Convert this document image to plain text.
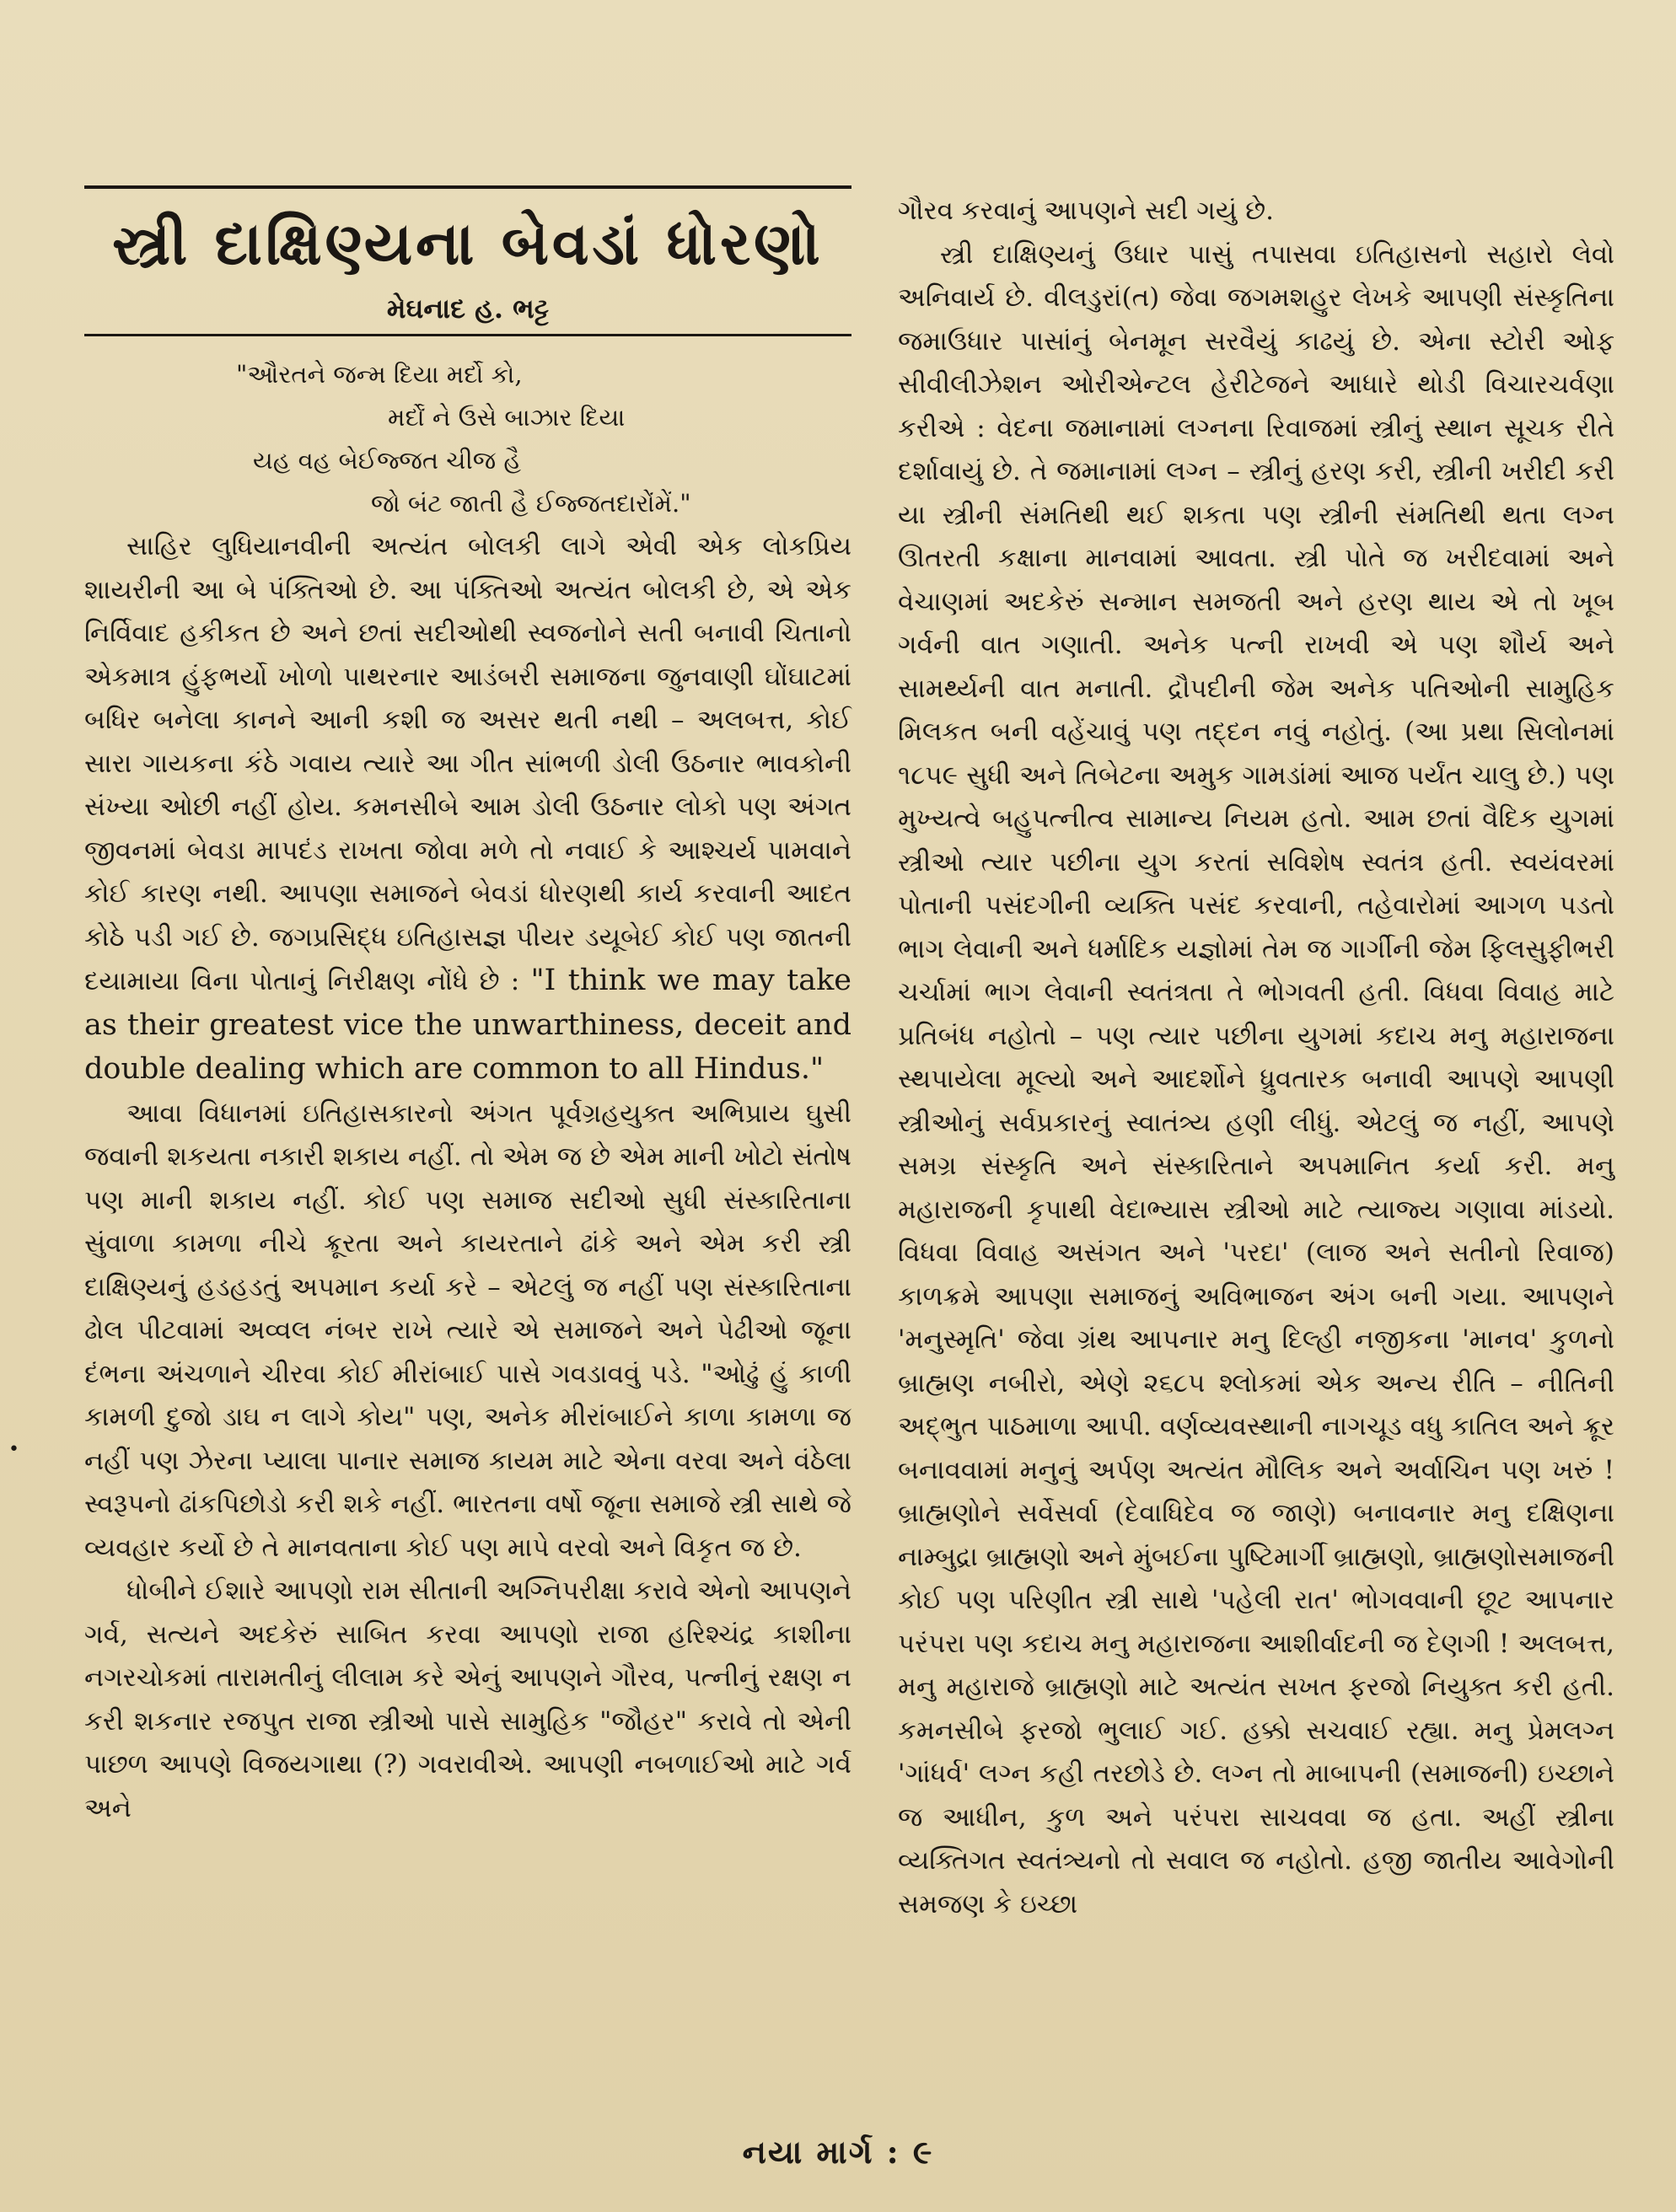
સ્ત્રી દાક્ષિણ્યના બેવડાં ધોરણો
મેઘનાદ હ. ભટ્ટ
"ઔરતને જન્મ દિયા મર્દો કો,
મર્દોં ને ઉસે બાઝાર દિયા
યહ વહ બેઈજ્જત ચીજ હૈ
જો બંટ જાતી હૈ ઈજ્જતદારોંમેં."

સાહિર લુધિયાનવીની અત્યંત બોલકી લાગે એવી એક લોકપ્રિય શાયરીની આ બે પંક્તિઓ છે. આ પંક્તિઓ અત્યંત બોલકી છે, એ એક નિર્વિવાદ હકીકત છે અને છતાં સદીઓથી સ્વજનોને સતી બનાવી ચિતાનો એકમાત્ર હુંફભર્યો ખોળો પાથરનાર આડંબરી સમાજના જુનવાણી ઘોંઘાટમાં બધિર બનેલા કાનને આની કશી જ અસર થતી નથી – અલબત્ત, કોઈ સારા ગાયકના કંઠે ગવાય ત્યારે આ ગીત સાંભળી ડોલી ઉઠનાર ભાવકોની સંખ્યા ઓછી નહીં હોય. કમનસીબે આમ ડોલી ઉઠનાર લોકો પણ અંગત જીવનમાં બેવડા માપદંડ રાખતા જોવા મળે તો નવાઈ કે આશ્ચર્ય પામવાને કોઈ કારણ નથી. આપણા સમાજને બેવડાં ધોરણથી કાર્ય કરવાની આદત કોઠે પડી ગઈ છે. જગપ્રસિદ્ધ ઇતિહાસજ્ઞ પીયર ડયૂબેઈ કોઈ પણ જાતની દયામાયા વિના પોતાનું નિરીક્ષણ નોંધે છે : "I think we may take as their greatest vice the unwarthiness, deceit and double dealing which are common to all Hindus."

આવા વિધાનમાં ઇતિહાસકારનો અંગત પૂર્વગ્રહયુક્ત અભિપ્રાય ઘુસી જવાની શકયતા નકારી શકાય નહીં. તો એમ જ છે એમ માની ખોટો સંતોષ પણ માની શકાય નહીં. કોઈ પણ સમાજ સદીઓ સુધી સંસ્કારિતાના સુંવાળા કામળા નીચે ક્રૂરતા અને કાયરતાને ઢાંકે અને એમ કરી સ્ત્રી દાક્ષિણ્યનું હડહડતું અપમાન કર્યા કરે – એટલું જ નહીં પણ સંસ્કારિતાના ઢોલ પીટવામાં અવ્વલ નંબર રાખે ત્યારે એ સમાજને અને પેઢીઓ જૂના દંભના અંચળાને ચીરવા કોઈ મીરાંબાઈ પાસે ગવડાવવું પડે. "ઓઢું હું કાળી કામળી દુજો ડાઘ ન લાગે કોય" પણ, અનેક મીરાંબાઈને કાળા કામળા જ નહીં પણ ઝેરના પ્યાલા પાનાર સમાજ કાયમ માટે એના વરવા અને વંઠેલા સ્વરૂપનો ઢાંકપિછોડો કરી શકે નહીં. ભારતના વર્ષો જૂના સમાજે સ્ત્રી સાથે જે વ્યવહાર કર્યો છે તે માનવતાના કોઈ પણ માપે વરવો અને વિકૃત જ છે.

ધોબીને ઈશારે આપણો રામ સીતાની અગ્નિપરીક્ષા કરાવે એનો આપણને ગર્વ, સત્યને અદકેરું સાબિત કરવા આપણો રાજા હરિશ્ચંદ્ર કાશીના નગરચોકમાં તારામતીનું લીલામ કરે એનું આપણને ગૌરવ, પત્નીનું રક્ષણ ન કરી શકનાર રજપુત રાજા સ્ત્રીઓ પાસે સામુહિક "જૌહર" કરાવે તો એની પાછળ આપણે વિજયગાથા (?) ગવરાવીએ. આપણી નબળાઈઓ માટે ગર્વ અને

ગૌરવ કરવાનું આપણને સદી ગયું છે.

સ્ત્રી દાક્ષિણ્યનું ઉધાર પાસું તપાસવા ઇતિહાસનો સહારો લેવો અનિવાર્ય છે. વીલડુરાં(ત) જેવા જગમશહુર લેખકે આપણી સંસ્કૃતિના જમાઉધાર પાસાંનું બેનમૂન સરવૈયું કાઢયું છે. એના સ્ટોરી ઓફ સીવીલીઝેશન ઓરીએન્ટલ હેરીટેજને આધારે થોડી વિચારચર્વણા કરીએ : વેદના જમાનામાં લગ્નના રિવાજમાં સ્ત્રીનું સ્થાન સૂચક રીતે દર્શાવાયું છે. તે જમાનામાં લગ્ન – સ્ત્રીનું હરણ કરી, સ્ત્રીની ખરીદી કરી યા સ્ત્રીની સંમતિથી થઈ શકતા પણ સ્ત્રીની સંમતિથી થતા લગ્ન ઊતરતી કક્ષાના માનવામાં આવતા. સ્ત્રી પોતે જ ખરીદવામાં અને વેચાણમાં અદકેરું સન્માન સમજતી અને હરણ થાય એ તો ખૂબ ગર્વની વાત ગણાતી. અનેક પત્ની રાખવી એ પણ શૌર્ય અને સામર્થ્યની વાત મનાતી. દ્રૌપદીની જેમ અનેક પતિઓની સામુહિક મિલકત બની વહેંચાવું પણ તદ્દન નવું નહોતું. (આ પ્રથા સિલોનમાં ૧૮૫૯ સુધી અને તિબેટના અમુક ગામડાંમાં આજ પર્યંત ચાલુ છે.) પણ મુખ્યત્વે બહુપત્નીત્વ સામાન્ય નિયમ હતો. આમ છતાં વૈદિક યુગમાં સ્ત્રીઓ ત્યાર પછીના યુગ કરતાં સવિશેષ સ્વતંત્ર હતી. સ્વયંવરમાં પોતાની પસંદગીની વ્યક્તિ પસંદ કરવાની, તહેવારોમાં આગળ પડતો ભાગ લેવાની અને ધર્માદિક યજ્ઞોમાં તેમ જ ગાર્ગીની જેમ ફિલસુફીભરી ચર્ચામાં ભાગ લેવાની સ્વતંત્રતા તે ભોગવતી હતી. વિધવા વિવાહ માટે પ્રતિબંધ નહોતો – પણ ત્યાર પછીના યુગમાં કદાચ મનુ મહારાજના સ્થપાયેલા મૂલ્યો અને આદર્શોને ધ્રુવતારક બનાવી આપણે આપણી સ્ત્રીઓનું સર્વપ્રકારનું સ્વાતંત્ર્ય હણી લીધું. એટલું જ નહીં, આપણે સમગ્ર સંસ્કૃતિ અને સંસ્કારિતાને અપમાનિત કર્યા કરી. મનુ મહારાજની કૃપાથી વેદાભ્યાસ સ્ત્રીઓ માટે ત્યાજ્ય ગણાવા માંડયો. વિધવા વિવાહ અસંગત અને 'પરદા' (લાજ અને સતીનો રિવાજ) કાળક્રમે આપણા સમાજનું અવિભાજન અંગ બની ગયા. આપણને 'મનુસ્મૃતિ' જેવા ગ્રંથ આપનાર મનુ દિલ્હી નજીકના 'માનવ' કુળનો બ્રાહ્મણ નબીરો, એણે ૨૬૮૫ શ્લોકમાં એક અન્ય રીતિ – નીતિની અદ્ભુત પાઠમાળા આપી. વર્ણવ્યવસ્થાની નાગચૂડ વધુ કાતિલ અને ક્રૂર બનાવવામાં મનુનું અર્પણ અત્યંત મૌલિક અને અર્વાચિન પણ ખરું ! બ્રાહ્મણોને સર્વેસર્વા (દેવાધિદેવ જ જાણે) બનાવનાર મનુ દક્ષિણના નામ્બુદ્રા બ્રાહ્મણો અને મુંબઈના પુષ્ટિમાર્ગી બ્રાહ્મણો, બ્રાહ્મણોસમાજની કોઈ પણ પરિણીત સ્ત્રી સાથે 'પહેલી રાત' ભોગવવાની છૂટ આપનાર પરંપરા પણ કદાચ મનુ મહારાજના આશીર્વાદની જ દેણગી ! અલબત્ત, મનુ મહારાજે બ્રાહ્મણો માટે અત્યંત સખત ફરજો નિયુક્ત કરી હતી. કમનસીબે ફરજો ભુલાઈ ગઈ. હક્કો સચવાઈ રહ્યા. મનુ પ્રેમલગ્ન 'ગાંધર્વ' લગ્ન કહી તરછોડે છે. લગ્ન તો માબાપની (સમાજની) ઇચ્છાને જ આધીન, કુળ અને પરંપરા સાચવવા જ હતા. અહીં સ્ત્રીના વ્યક્તિગત સ્વતંત્ર્યનો તો સવાલ જ નહોતો. હજી જાતીય આવેગોની સમજણ કે ઇચ્છા

•
નયા માર્ગ : ૯
